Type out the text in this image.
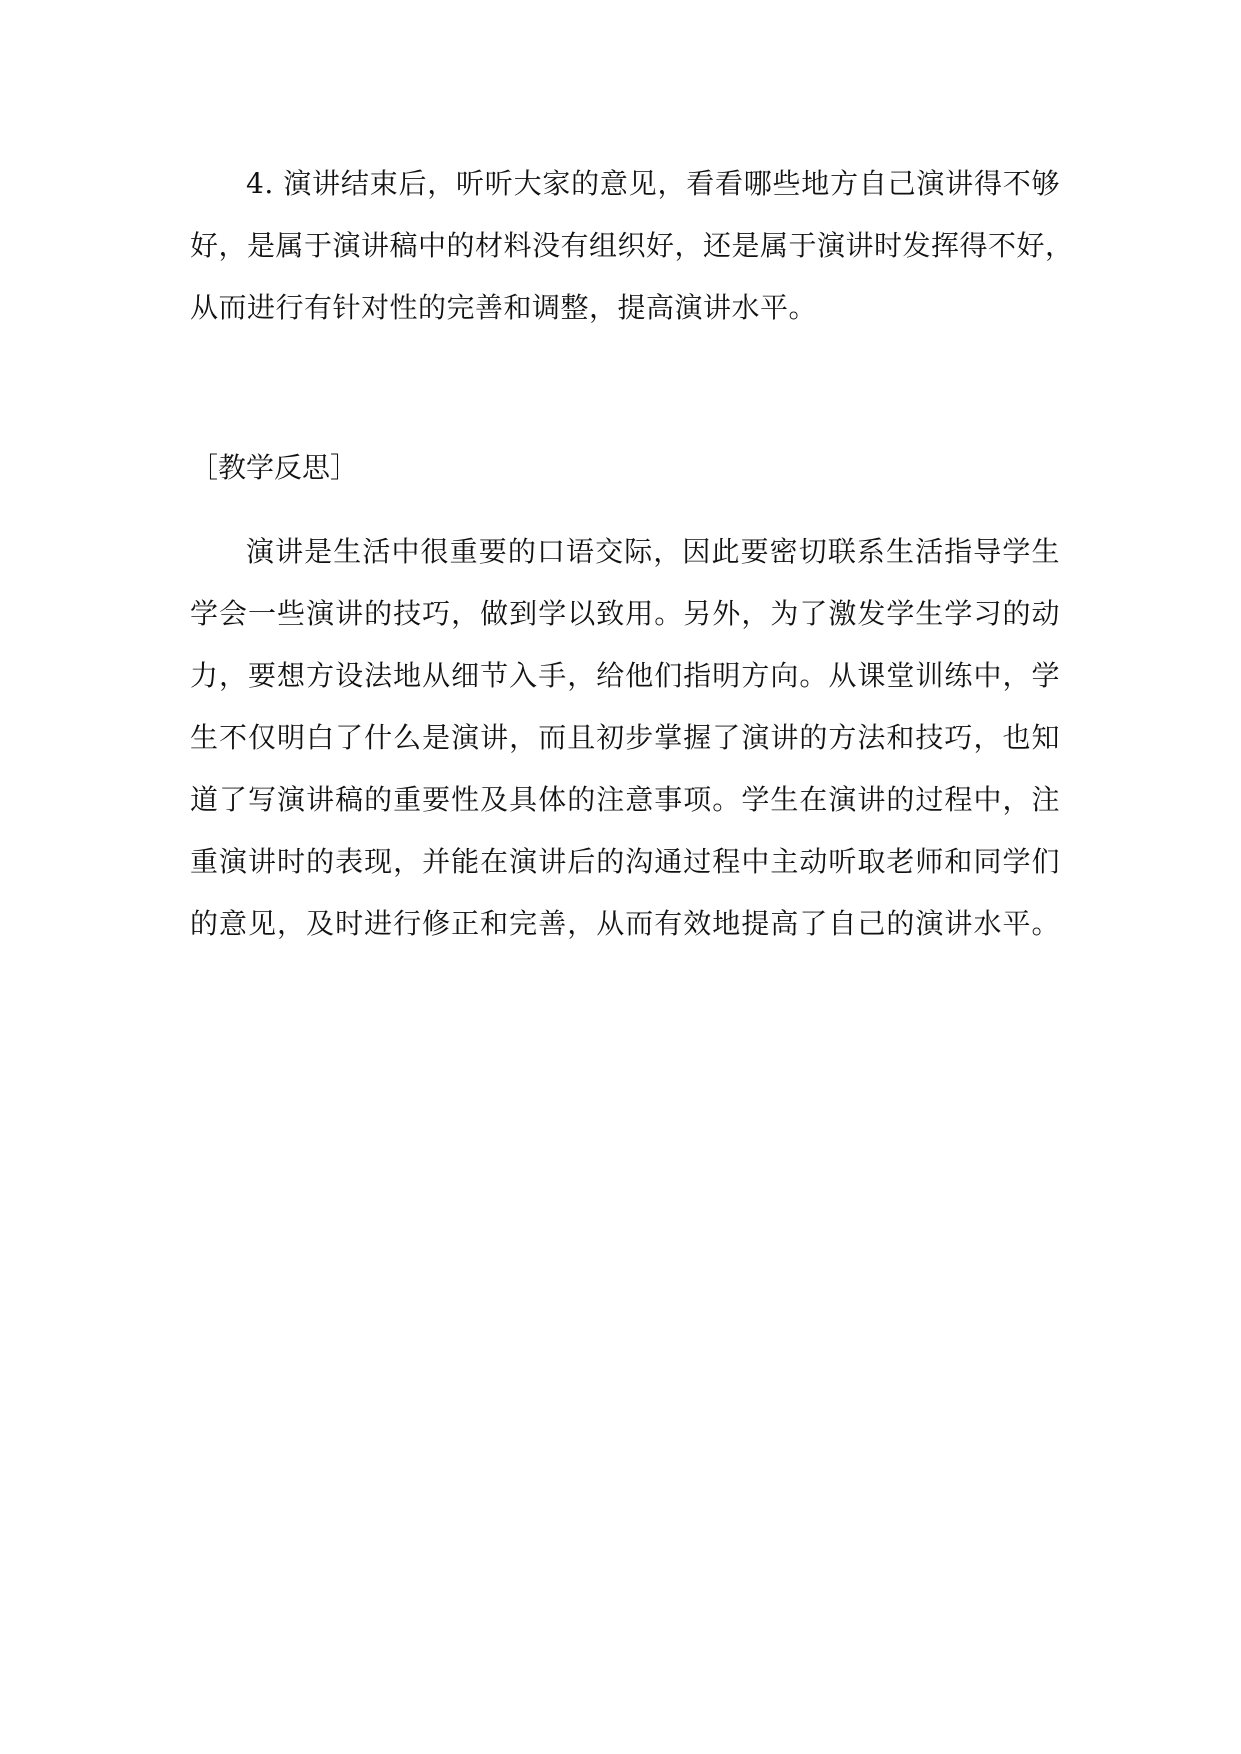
4. 演讲结束后，听听大家的意见，看看哪些地方自己演讲得不够
好，是属于演讲稿中的材料没有组织好，还是属于演讲时发挥得不好，
从而进行有针对性的完善和调整，提高演讲水平。
［教学反思］
演讲是生活中很重要的口语交际，因此要密切联系生活指导学生
学会一些演讲的技巧，做到学以致用。另外，为了激发学生学习的动
力，要想方设法地从细节入手，给他们指明方向。从课堂训练中，学
生不仅明白了什么是演讲，而且初步掌握了演讲的方法和技巧，也知
道了写演讲稿的重要性及具体的注意事项。学生在演讲的过程中，注
重演讲时的表现，并能在演讲后的沟通过程中主动听取老师和同学们
的意见，及时进行修正和完善，从而有效地提高了自己的演讲水平。
